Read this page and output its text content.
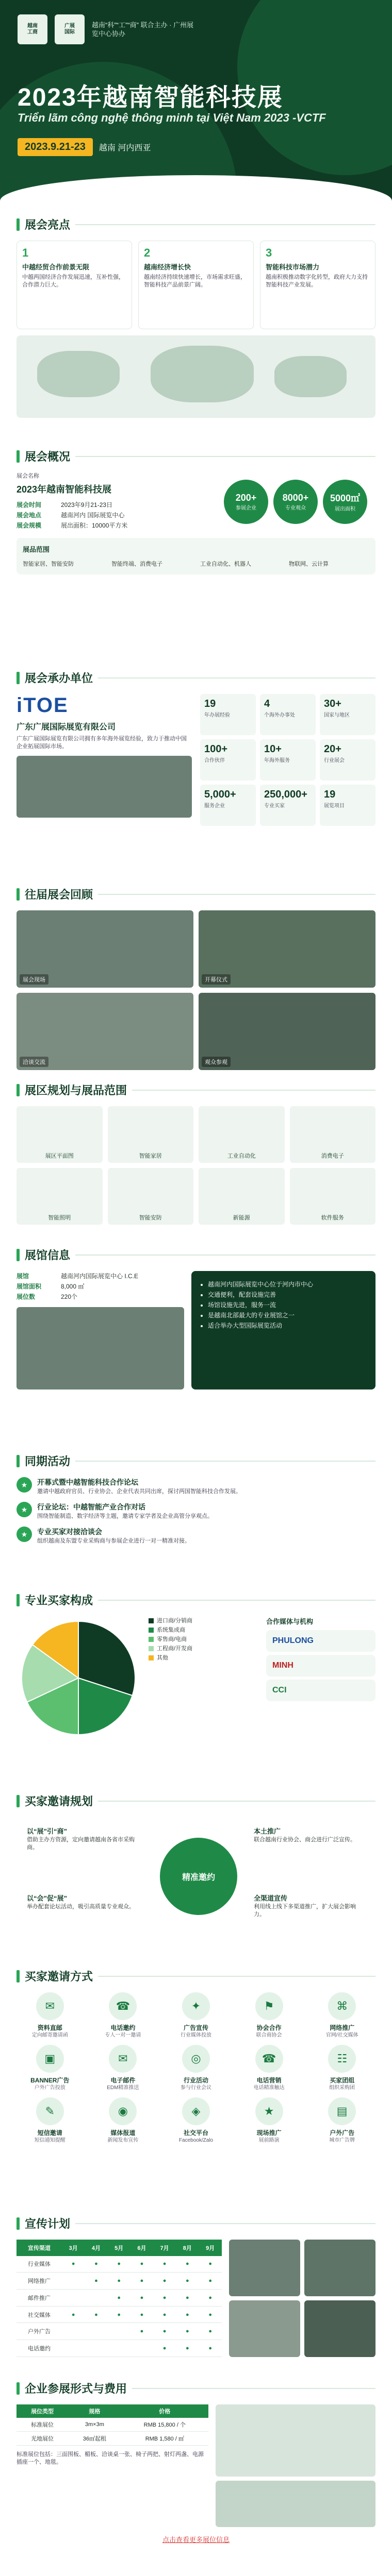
越南
工商
广展
国际
越南“科”“工”“商” 联合主办 · 广州展览中心协办
2023年越南智能科技展
Triển lãm công nghệ thông minh tại Việt Nam 2023 -VCTF
2023.9.21-23	越南 河内西亚
展会亮点
1
中越经贸合作前景无限
中越两国经济合作发展迅速，互补性强，合作潜力巨大。
2
越南经济增长快
越南经济持续快速增长，市场需求旺盛，智能科技产品前景广阔。
3
智能科技市场潜力
越南积极推动数字化转型，政府大力支持智能科技产业发展。
展会概况
展会名称
2023年越南智能科技展
展会时间	2023年9月21-23日
展会地点	越南河内 国际展览中心
展会规模	展出面积：10000平方米
200+
参展企业
8000+
专业观众
5000㎡
展出面积
展品范围
智能家居、智能安防	智能终端、消费电子	工业自动化、机器人	物联网、云计算
展会承办单位
iTOE
广东广展国际展览有限公司
广东广展国际展览有限公司拥有多年海外展览经验，致力于推动中国企业拓展国际市场。
19
年办展经验
4
个海外办事处
30+
国家与地区
100+
合作伙伴
10+
年海外服务
20+
行业展会
5,000+
服务企业
250,000+
专业买家
19
展览项目
往届展会回顾
展会现场	开幕仪式
洽谈交流	观众参观
展区规划与展品范围
展区平面图	智能家居	工业自动化	消费电子
智能照明	智能安防	新能源	软件服务
展馆信息
展馆	越南河内国际展览中心 I.C.E
展馆面积	8,000 ㎡
展位数	220个
• 越南河内国际展览中心位于河内市中心
• 交通便利，配套设施完善
• 场馆设施先进，服务一流
• 是越南北部最大的专业展馆之一
• 适合举办大型国际展览活动
同期活动
★	开幕式暨中越智能科技合作论坛
邀请中越政府官员、行业协会、企业代表共同出席，探讨两国智能科技合作发展。
★	行业论坛：中越智能产业合作对话
围绕智能制造、数字经济等主题，邀请专家学者及企业高管分享观点。
★	专业买家对接洽谈会
组织越南及东盟专业采购商与参展企业进行一对一精准对接。
专业买家构成
进口商/分销商
系统集成商
零售商/电商
工程商/开发商
其他
合作媒体与机构
PHULONG
MINH
CCI
买家邀请规划
精准邀约
以“展”引“商”
借助主办方资源，定向邀请越南各省市采购商。
本土推广
联合越南行业协会、商会进行广泛宣传。
以“会”促“展”
举办配套论坛活动，吸引高质量专业观众。
全渠道宣传
利用线上线下多渠道推广，扩大展会影响力。
买家邀请方式
✉
资料直邮
定向邮寄邀请函
☎
电话邀约
专人一对一邀请
✦
广告宣传
行业媒体投放
⚑
协会合作
联合商协会
⌘
网络推广
官网/社交媒体
▣
BANNER广告
户外广告投放
✉
电子邮件
EDM精准推送
◎
行业活动
参与行业会议
☎
电话营销
电话精准触达
☷
买家团组
组织采购团
✎
短信邀请
短信通知提醒
◉
媒体报道
新闻发布宣传
◈
社交平台
Facebook/Zalo
★
现场推广
展前路演
▤
户外广告
城市广告牌
宣传计划
宣传渠道	3月	4月	5月	6月	7月	8月	9月
行业媒体	●	●	●	●	●	●	●
网络推广		●	●	●	●	●	●
邮件推广			●	●	●	●	●
社交媒体	●	●	●	●	●	●	●
户外广告				●	●	●	●
电话邀约					●	●	●
企业参展形式与费用
展位类型	规格	价格
标准展位	3m×3m	RMB 15,800 / 个
光地展位	36㎡起租	RMB 1,580 / ㎡
标准展位包括：三面围板、楣板、洽谈桌一张、椅子两把、射灯两盏、电源插座一个、地毯。
点击查看更多展位信息
